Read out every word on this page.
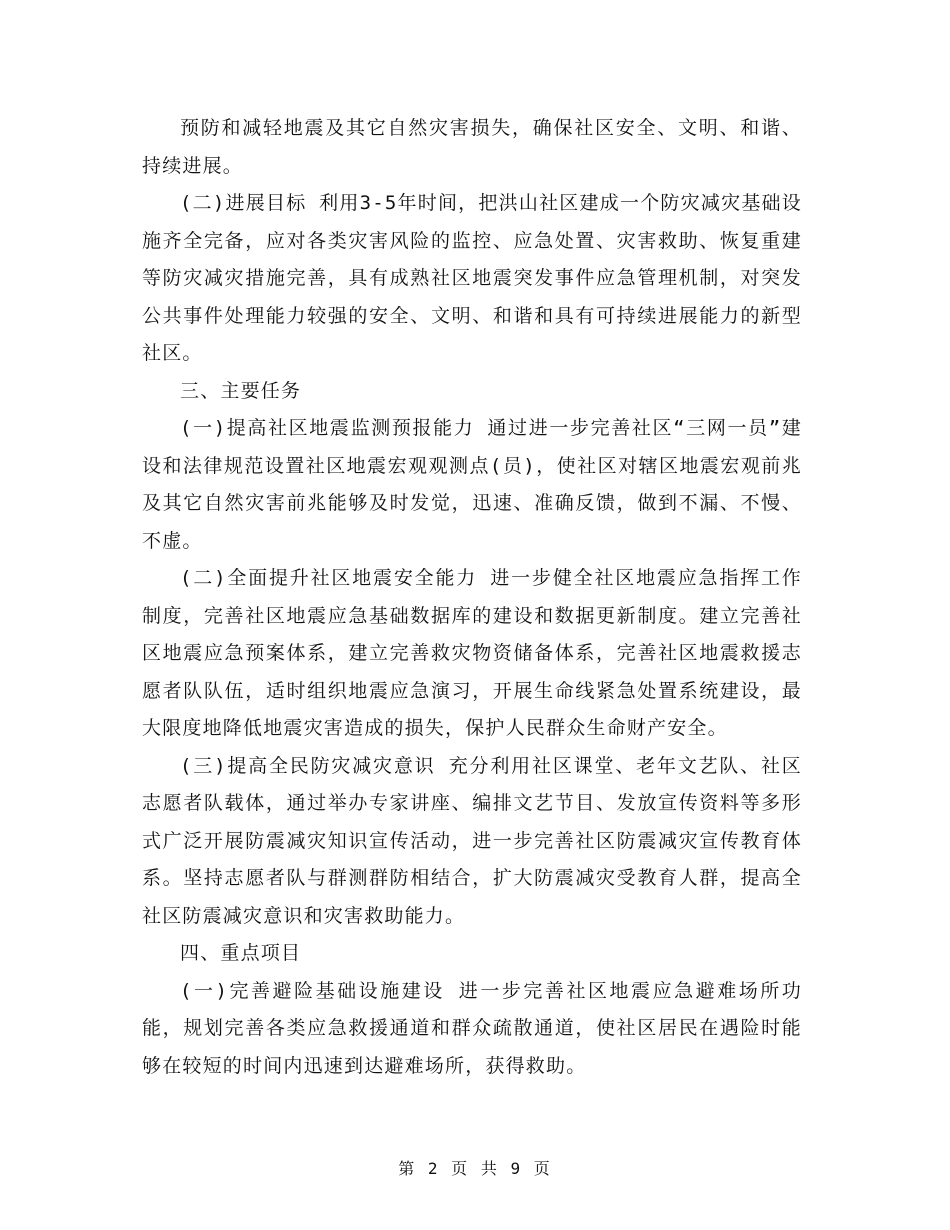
预防和减轻地震及其它自然灾害损失，确保社区安全、文明、和谐、持续进展。

(二)进展目标 利用3-5年时间，把洪山社区建成一个防灾减灾基础设施齐全完备，应对各类灾害风险的监控、应急处置、灾害救助、恢复重建等防灾减灾措施完善，具有成熟社区地震突发事件应急管理机制，对突发公共事件处理能力较强的安全、文明、和谐和具有可持续进展能力的新型社区。

三、主要任务

(一)提高社区地震监测预报能力 通过进一步完善社区“三网一员”建设和法律规范设置社区地震宏观观测点(员)，使社区对辖区地震宏观前兆及其它自然灾害前兆能够及时发觉，迅速、准确反馈，做到不漏、不慢、不虚。

(二)全面提升社区地震安全能力 进一步健全社区地震应急指挥工作制度，完善社区地震应急基础数据库的建设和数据更新制度。建立完善社区地震应急预案体系，建立完善救灾物资储备体系，完善社区地震救援志愿者队队伍，适时组织地震应急演习，开展生命线紧急处置系统建设，最大限度地降低地震灾害造成的损失，保护人民群众生命财产安全。

(三)提高全民防灾减灾意识 充分利用社区课堂、老年文艺队、社区志愿者队载体，通过举办专家讲座、编排文艺节目、发放宣传资料等多形式广泛开展防震减灾知识宣传活动，进一步完善社区防震减灾宣传教育体系。坚持志愿者队与群测群防相结合，扩大防震减灾受教育人群，提高全社区防震减灾意识和灾害救助能力。

四、重点项目

(一)完善避险基础设施建设 进一步完善社区地震应急避难场所功能，规划完善各类应急救援通道和群众疏散通道，使社区居民在遇险时能够在较短的时间内迅速到达避难场所，获得救助。

第 2 页 共 9 页
